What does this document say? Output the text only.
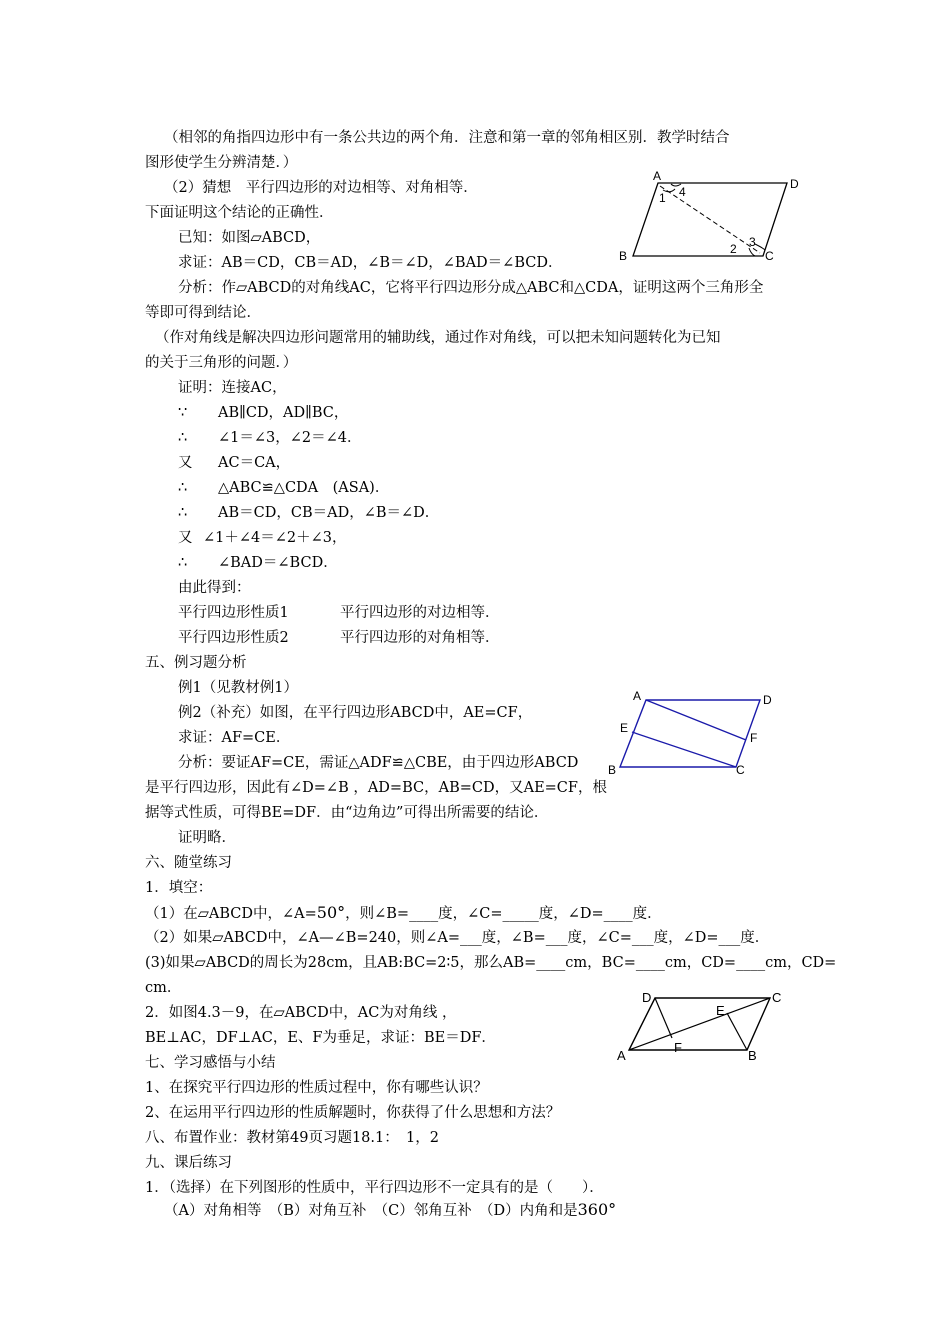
（相邻的角指四边形中有一条公共边的两个角．注意和第一章的邻角相区别．教学时结合
图形使学生分辨清楚．）
（2）猜想　平行四边形的对边相等、对角相等．
下面证明这个结论的正确性．
已知：如图▱ABCD，
求证：AB＝CD，CB＝AD，∠B＝∠D，∠BAD＝∠BCD．
分析：作▱ABCD的对角线AC，它将平行四边形分成△ABC和△CDA，证明这两个三角形全
等即可得到结论．
（作对角线是解决四边形问题常用的辅助线，通过作对角线，可以把未知问题转化为已知
的关于三角形的问题．）
A
D
B	C
1 4
2 3
证明：连接AC，
∵ AB∥CD，AD∥BC，
∴ ∠1＝∠3，∠2＝∠4．
又 AC＝CA，
∴ △ABC≌△CDA　(ASA)．
∴ AB＝CD，CB＝AD，∠B＝∠D．
又 ∠1＋∠4＝∠2＋∠3，
∴ ∠BAD＝∠BCD．
由此得到：
平行四边形性质1	平行四边形的对边相等．
平行四边形性质2	平行四边形的对角相等．
五、例习题分析
例1（见教材例1）
例2（补充）如图，在平行四边形ABCD中，AE=CF，
求证：AF=CE．
分析：要证AF=CE，需证△ADF≌△CBE，由于四边形ABCD
是平行四边形，因此有∠D=∠B ，AD=BC，AB=CD，又AE=CF，根
据等式性质，可得BE=DF．由“边角边”可得出所需要的结论．
证明略．
A	D
B	C
E
F
六、随堂练习
1．填空：
（1）在▱ABCD中，∠A=50°，则∠B=____度，∠C=_____度，∠D=____度．
（2）如果▱ABCD中，∠A—∠B=240，则∠A=___度，∠B=___度，∠C=___度，∠D=___度．
(3)如果▱ABCD的周长为28cm，且AB:BC=2∶5，那么AB=____cm，BC=____cm，CD=____cm，CD=
cm．
2．如图4.3－9，在▱ABCD中，AC为对角线 ，
BE⊥AC，DF⊥AC，E、F为垂足，求证：BE＝DF．
D	C
A	B
E
F
七、学习感悟与小结
1、在探究平行四边形的性质过程中，你有哪些认识？
2、在运用平行四边形的性质解题时，你获得了什么思想和方法？
八、布置作业：教材第49页习题18.1：　1，2
九、课后练习
1．（选择）在下列图形的性质中，平行四边形不一定具有的是（　　）．
（A）对角相等　（B）对角互补　（C）邻角互补　（D）内角和是360°
